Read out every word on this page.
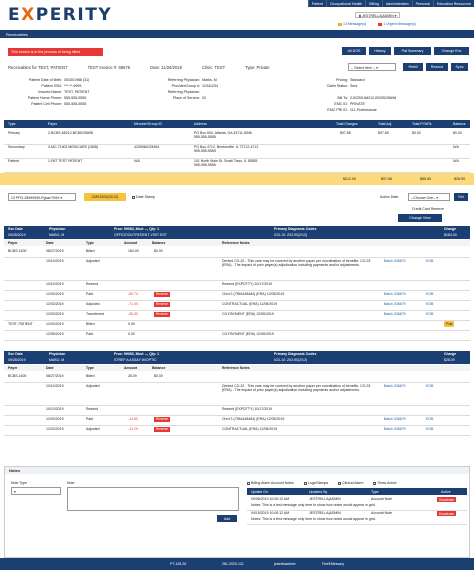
EXPERITY
Patient	Occupational Health	Billing	Administration	Personal	Education Resources
▮ JESTRELLA|ADMIN ▾
13 Message(s)	1 Urgent Message(s)
Receivables
This invoice is in the process of being billed	All DOS	History	Pat Summary	Change Enc
Receivables for TEST, PATIENT	TEST Invoice #: 68675	Date: 11/26/2019	Clinic: TEST	Type: Private	-- Select Item -- ▾	Rebill	Resend	Sync
Patient Date of Birth: 05/30/1988 (31)
Patient SSN: ***-**-9999
Insured Name: TEST, PATIENT
Patient Home Phone: 555-555-5555
Patient Cell Phone: 555-555-5555
Referring Physician: Marks, M
Provider/Group #: 12341234
Referring Physician:
Place of Service: 20
Pricing: Standard
Claim Status: Sent
Bill To: 2-BCBS-68212-BCBS/25698
EMC ID: PRIVATE
EMC PRI ID: 111-Professional
Type	Payer	Member/Group ID	Address	Total Charges	Total Adj	Total PYMTs	Balance
Primary	2-BCBS-68212-BCBS/25698	PO Box 600, Atlanta, GA 33711-5546
555-555-5555
$97.85	$97.85	$0.00	$0.00
Secondary	3-MC-71902 MEDICARE (1808)	4205964024654	PO Box 4712, Bentonville, IL 72712-4712
555-555-5555
N/A
Patient	1-PAT TEST PATIENT	N/A	101 North Main St, Small Town, IL 55555
555-555-5555
N/A
$212.09	$97.85	$85.65	$28.59
13 PPO-28999999-Pgbar/7094 ▾	CMS1500(02/12)	Date Stamp	Action Date:	--Choose One-- ▾	Set
Credit Card Reserve
Change View
Svc Date	Physician	Proc: 99083, Mod: --, Qty: 1	Primary Diagnosis Codes	Charge
09/28/2019	MABO, M	OFFICE/OUTPATIENT VISIT EST	ICD-10: Z03.90(2/12)	$184.00
Payer	Date	Type	Amount	Balance	Reference Notes
BCBS-1600	08/27/2019	Billed	184.00	$0.00
10/10/2019	Adjusted	Denied CO-22 - This care may be covered by another payer per coordination of benefits. CO-23 (ERA) - The impact of prior payer(s) adjudication including payments and/or adjustments.
Batch 336670	EOB
10/10/2019	Resend	Resend (EXPDTTY) 10/17/2019
12/03/2019	Paid	-80.74	Reverse	Chrd 3 (7554448484) (ERA) 12/05/2019	Batch 336679	EOB
12/03/2019	Adjusted	-71.40	Reverse	CONTRACTUAL (ERA) 12/05/2019	Batch 336679	EOB
12/03/2019	Transferred	-96.30	Reverse	CO-PAYMENT (ERA) 12/05/2019	Batch 336679	EOB
TEST, PATIENT	12/03/2019	Billed	0.09	Post
12/05/2019	Paid	0.00	CO-PAYMENT (ERA) 12/05/2019
Svc Date	Physician	Proc: 99083, Mod: --, Qty: 1	Primary Diagnosis Codes	Charge
09/28/2019	MABO, M	STREP A ASSAY W/OPTIC	ICD-10: Z03.90(2/12)	$28.09
Payer	Date	Type	Amount	Balance	Reference Notes
BCBS-1600	08/27/2019	Billed	28.09	$0.00
10/10/2019	Adjusted	Denied CO-22 - This care may be covered by another payer per coordination of benefits. CO-23 (ERA) - The impact of prior payer(s) adjudication including payments and/or adjustments.
Batch 336670	EOB
10/10/2019	Resend	Resend (EXPDTTY) 10/17/2019
12/03/2019	Paid	-14.60	Reverse	Chrd 3 (7554448484) (ERA) 12/05/2019	Batch 336679	EOB
12/03/2019	Adjusted	-13.29	Reverse	CONTRACTUAL (ERA) 12/05/2019	Batch 336679	EOB
Notes
Note Type
▾
Note
Add
Billing Alarm Account Notes	Logs/Stamps	Clinical Alarm	Show Active
Update On	Updated By	Type	Active
09/08/2019 10:00:12 AM	JESTRELLA|ADMIN	Account Note	Deactivate
Notes: This is a test message only here to show how notes would appear in grid.
04/15/2019 10:00:12 AM	JESTRELLA|ADMIN	Account Note	Deactivate
Notes: This is a test message only here to show how notes would appear in grid.
PT-128-32	281-2020-121	jestrellaadmin	FiveEMessary
